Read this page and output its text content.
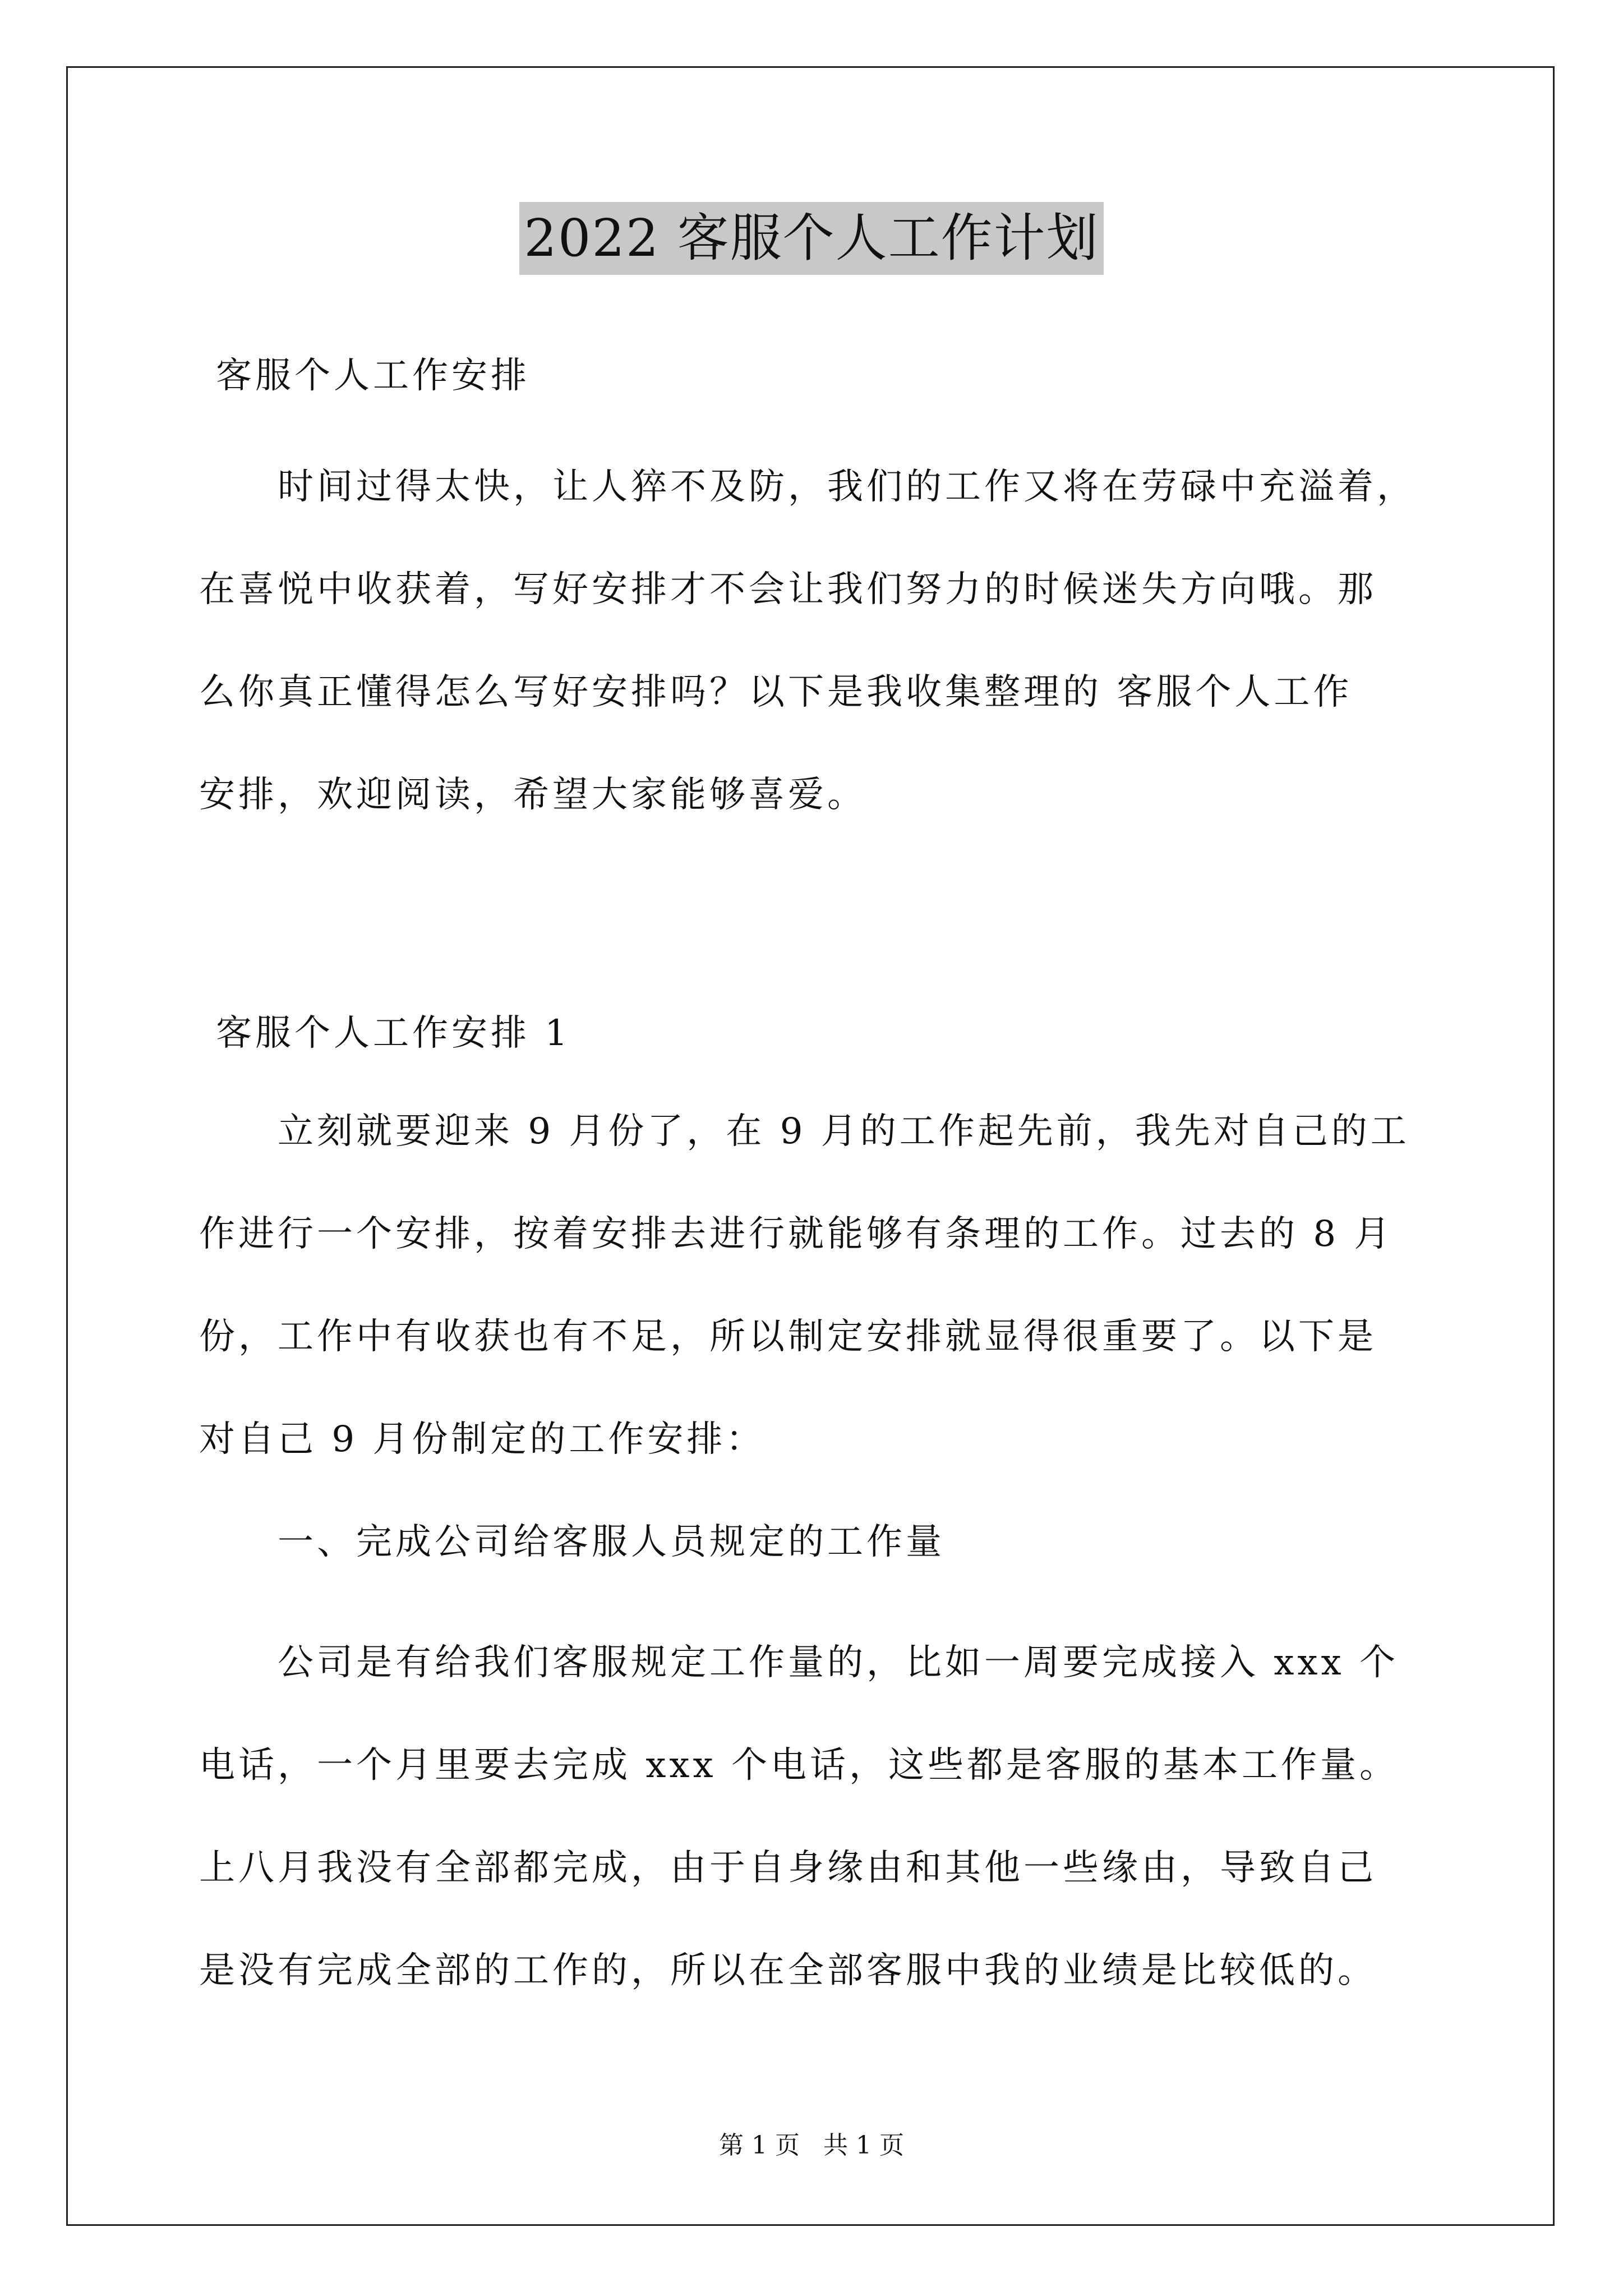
2022 客服个人工作计划
客服个人工作安排
时间过得太快，让人猝不及防，我们的工作又将在劳碌中充溢着，
在喜悦中收获着，写好安排才不会让我们努力的时候迷失方向哦。那
么你真正懂得怎么写好安排吗？以下是我收集整理的 客服个人工作
安排，欢迎阅读，希望大家能够喜爱。
客服个人工作安排 1
立刻就要迎来 9 月份了，在 9 月的工作起先前，我先对自己的工
作进行一个安排，按着安排去进行就能够有条理的工作。过去的 8 月
份，工作中有收获也有不足，所以制定安排就显得很重要了。以下是
对自己 9 月份制定的工作安排：
一、完成公司给客服人员规定的工作量
公司是有给我们客服规定工作量的，比如一周要完成接入 xxx 个
电话，一个月里要去完成 xxx 个电话，这些都是客服的基本工作量。
上八月我没有全部都完成，由于自身缘由和其他一些缘由，导致自己
是没有完成全部的工作的，所以在全部客服中我的业绩是比较低的。
第 1 页 共 1 页
